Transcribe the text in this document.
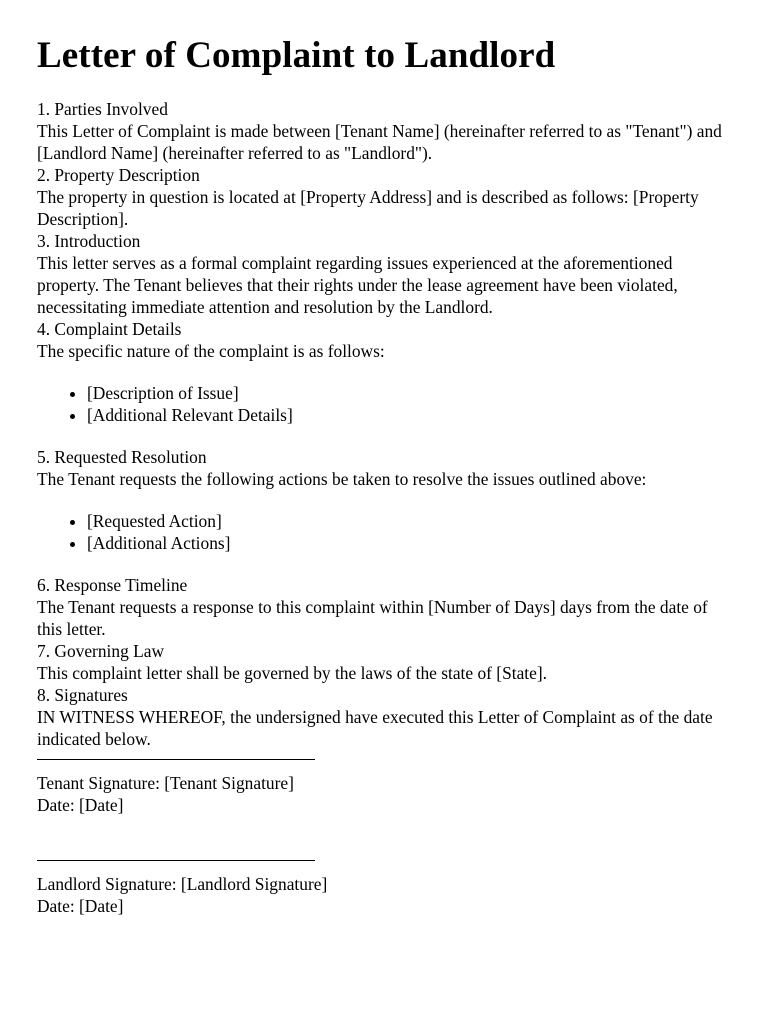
Letter of Complaint to Landlord
1. Parties Involved
This Letter of Complaint is made between [Tenant Name] (hereinafter referred to as "Tenant") and [Landlord Name] (hereinafter referred to as "Landlord").
2. Property Description
The property in question is located at [Property Address] and is described as follows: [Property Description].
3. Introduction
This letter serves as a formal complaint regarding issues experienced at the aforementioned property. The Tenant believes that their rights under the lease agreement have been violated, necessitating immediate attention and resolution by the Landlord.
4. Complaint Details
The specific nature of the complaint is as follows:
• [Description of Issue]
• [Additional Relevant Details]
5. Requested Resolution
The Tenant requests the following actions be taken to resolve the issues outlined above:
• [Requested Action]
• [Additional Actions]
6. Response Timeline
The Tenant requests a response to this complaint within [Number of Days] days from the date of this letter.
7. Governing Law
This complaint letter shall be governed by the laws of the state of [State].
8. Signatures
IN WITNESS WHEREOF, the undersigned have executed this Letter of Complaint as of the date indicated below.
Tenant Signature: [Tenant Signature]
Date: [Date]
Landlord Signature: [Landlord Signature]
Date: [Date]
